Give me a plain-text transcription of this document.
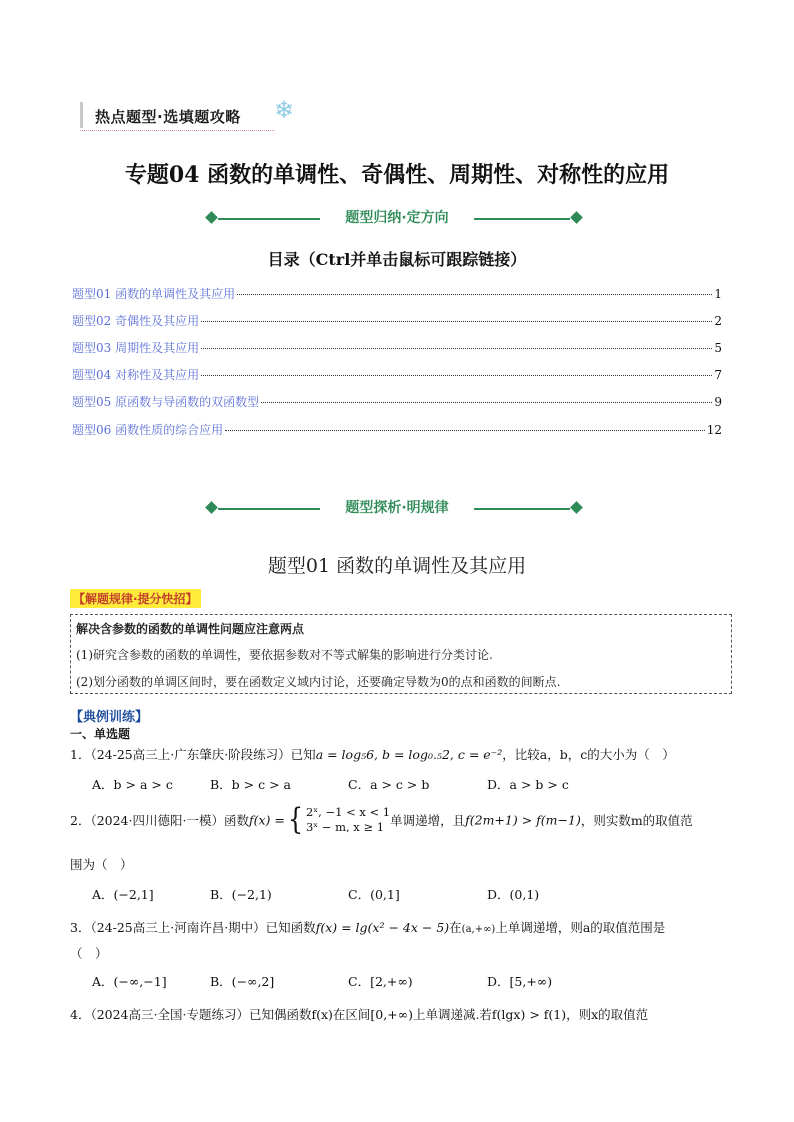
热点题型·选填题攻略 ❄
专题04 函数的单调性、奇偶性、周期性、对称性的应用
题型归纳·定方向
目录（Ctrl并单击鼠标可跟踪链接）
题型01 函数的单调性及其应用	1
题型02 奇偶性及其应用	2
题型03 周期性及其应用	5
题型04 对称性及其应用	7
题型05 原函数与导函数的双函数型	9
题型06 函数性质的综合应用	12
题型探析·明规律
题型01 函数的单调性及其应用
【解题规律·提分快招】
解决含参数的函数的单调性问题应注意两点
(1)研究含参数的函数的单调性，要依据参数对不等式解集的影响进行分类讨论.
(2)划分函数的单调区间时，要在函数定义域内讨论，还要确定导数为0的点和函数的间断点.
【典例训练】
一、单选题
1．（24-25高三上·广东肇庆·阶段练习）已知a = log₅6, b = log₀.₅2, c = e⁻²，比较a，b，c的大小为（　）
A．b > a > c	B．b > c > a	C．a > c > b	D．a > b > c
2．（2024·四川德阳·一模）函数f(x) ={ 2ˣ, −1 < x < 1
3ˣ − m, x ≥ 1 单调递增，且f(2m+1) > f(m−1)，则实数m的取值范
围为（　）
A．(−2,1]	B．(−2,1)	C．(0,1]	D．(0,1)
3．（24-25高三上·河南许昌·期中）已知函数f(x) = lg(x² − 4x − 5)在(a,+∞)上单调递增，则a的取值范围是
（　）
A．(−∞,−1]	B．(−∞,2]	C．[2,+∞)	D．[5,+∞)
4．（2024高三·全国·专题练习）已知偶函数f(x)在区间[0,+∞)上单调递减.若f(lgx) > f(1)，则x的取值范
